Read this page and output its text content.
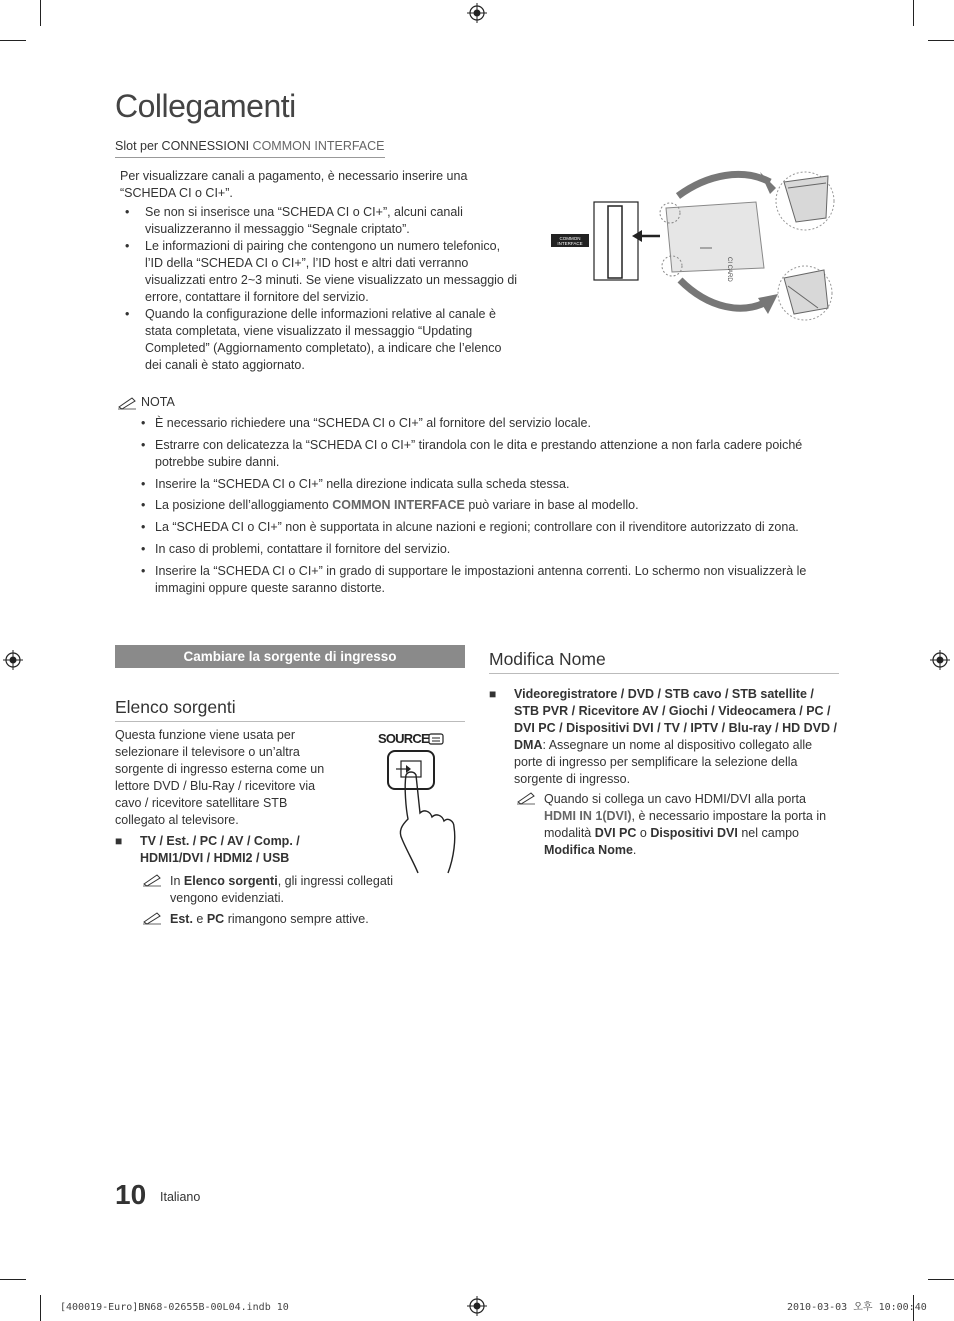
Collegamenti
Slot per CONNESSIONI COMMON INTERFACE

Per visualizzare canali a pagamento, è necessario inserire una “SCHEDA CI o CI+”.

• Se non si inserisce una “SCHEDA CI o CI+”, alcuni canali visualizzeranno il messaggio “Segnale criptato”.
• Le informazioni di pairing che contengono un numero telefonico, l’ID della “SCHEDA CI o CI+”, l’ID host e altri dati verranno visualizzati entro 2~3 minuti. Se viene visualizzato un messaggio di errore, contattare il fornitore del servizio.
• Quando la configurazione delle informazioni relative al canale è stata completata, viene visualizzato il messaggio “Updating Completed” (Aggiornamento completato), a indicare che l’elenco dei canali è stato aggiornato.
COMMON
INTERFACE
CI CARD
NOTA
• È necessario richiedere una “SCHEDA CI o CI+” al fornitore del servizio locale.
• Estrarre con delicatezza la “SCHEDA CI o CI+” tirandola con le dita e prestando attenzione a non farla cadere poiché potrebbe subire danni.
• Inserire la “SCHEDA CI o CI+” nella direzione indicata sulla scheda stessa.
• La posizione dell’alloggiamento COMMON INTERFACE può variare in base al modello.
• La “SCHEDA CI o CI+” non è supportata in alcune nazioni e regioni; controllare con il rivenditore autorizzato di zona.
• In caso di problemi, contattare il fornitore del servizio.
• Inserire la “SCHEDA CI o CI+” in grado di supportare le impostazioni antenna correnti. Lo schermo non visualizzerà le immagini oppure queste saranno distorte.
Cambiare la sorgente di ingresso
Elenco sorgenti

Questa funzione viene usata per selezionare il televisore o un’altra sorgente di ingresso esterna come un lettore DVD / Blu-Ray / ricevitore via cavo / ricevitore satellitare STB collegato al televisore.

■ TV / Est. / PC / AV / Comp. / HDMI1/DVI / HDMI2 / USB
In Elenco sorgenti, gli ingressi collegati vengono evidenziati.
Est. e PC rimangono sempre attive.
SOURCE
Modifica Nome
■ Videoregistratore / DVD / STB cavo / STB satellite / STB PVR / Ricevitore AV / Giochi / Videocamera / PC / DVI PC / Dispositivi DVI / TV / IPTV / Blu-ray / HD DVD / DMA: Assegnare un nome al dispositivo collegato alle porte di ingresso per semplificare la selezione della sorgente di ingresso.
Quando si collega un cavo HDMI/DVI alla porta HDMI IN 1(DVI), è necessario impostare la porta in modalità DVI PC o Dispositivi DVI nel campo Modifica Nome.
10 Italiano
[400019-Euro]BN68-02655B-00L04.indb 10	2010-03-03 오후 10:00:40
